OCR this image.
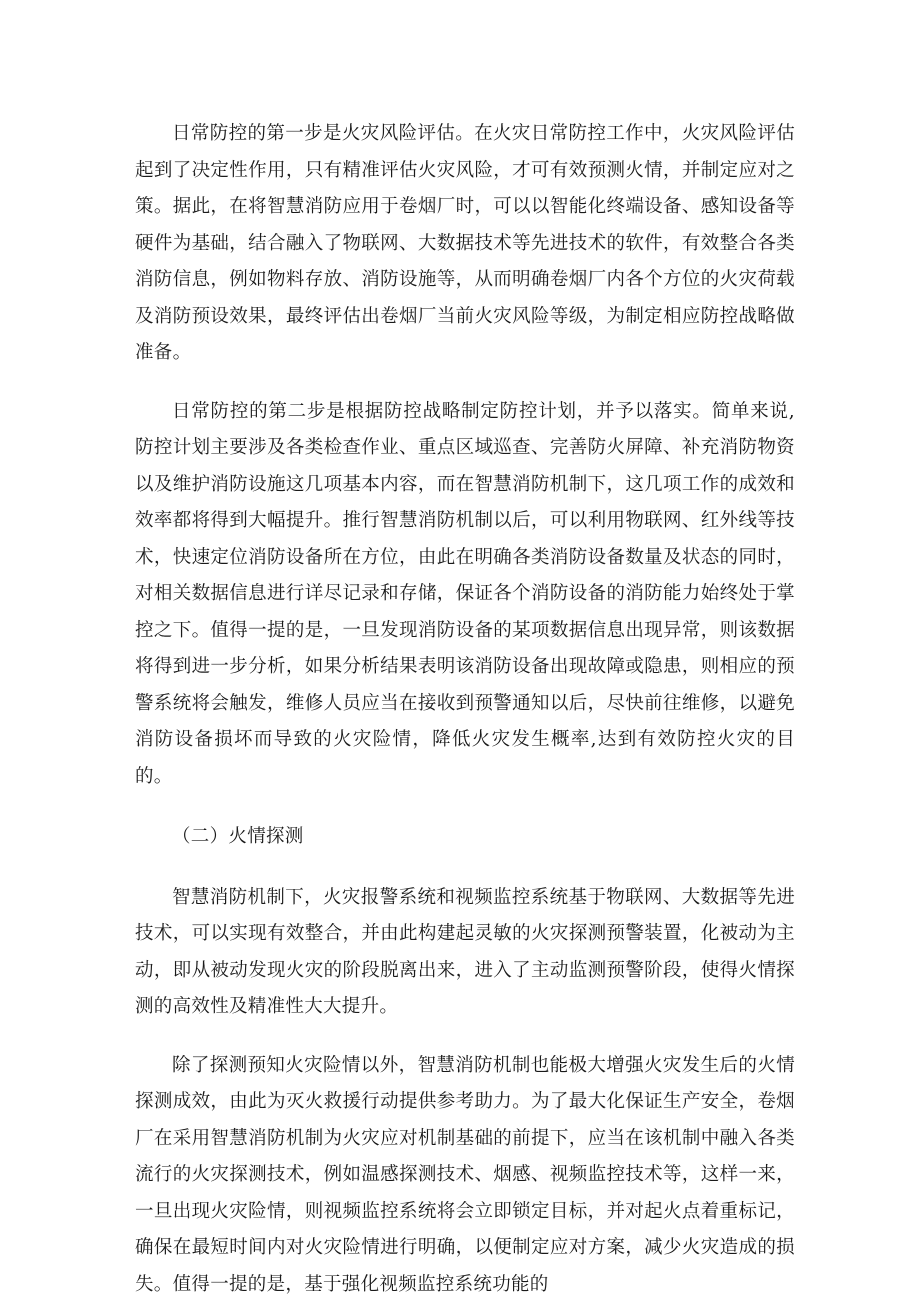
日常防控的第一步是火灾风险评估。在火灾日常防控工作中，火灾风险评估起到了决定性作用，只有精准评估火灾风险，才可有效预测火情，并制定应对之策。据此，在将智慧消防应用于卷烟厂时，可以以智能化终端设备、感知设备等硬件为基础，结合融入了物联网、大数据技术等先进技术的软件，有效整合各类消防信息，例如物料存放、消防设施等，从而明确卷烟厂内各个方位的火灾荷载及消防预设效果，最终评估出卷烟厂当前火灾风险等级，为制定相应防控战略做准备。

日常防控的第二步是根据防控战略制定防控计划，并予以落实。简单来说,防控计划主要涉及各类检查作业、重点区域巡查、完善防火屏障、补充消防物资以及维护消防设施这几项基本内容，而在智慧消防机制下，这几项工作的成效和效率都将得到大幅提升。推行智慧消防机制以后，可以利用物联网、红外线等技术，快速定位消防设备所在方位，由此在明确各类消防设备数量及状态的同时，对相关数据信息进行详尽记录和存储，保证各个消防设备的消防能力始终处于掌控之下。值得一提的是，一旦发现消防设备的某项数据信息出现异常，则该数据将得到进一步分析，如果分析结果表明该消防设备出现故障或隐患，则相应的预警系统将会触发，维修人员应当在接收到预警通知以后，尽快前往维修，以避免消防设备损坏而导致的火灾险情，降低火灾发生概率,达到有效防控火灾的目的。

（二）火情探测

智慧消防机制下，火灾报警系统和视频监控系统基于物联网、大数据等先进技术，可以实现有效整合，并由此构建起灵敏的火灾探测预警装置，化被动为主动，即从被动发现火灾的阶段脱离出来，进入了主动监测预警阶段，使得火情探测的高效性及精准性大大提升。

除了探测预知火灾险情以外，智慧消防机制也能极大增强火灾发生后的火情探测成效，由此为灭火救援行动提供参考助力。为了最大化保证生产安全，卷烟厂在采用智慧消防机制为火灾应对机制基础的前提下，应当在该机制中融入各类流行的火灾探测技术，例如温感探测技术、烟感、视频监控技术等，这样一来，一旦出现火灾险情，则视频监控系统将会立即锁定目标，并对起火点着重标记，确保在最短时间内对火灾险情进行明确，以便制定应对方案，减少火灾造成的损失。值得一提的是，基于强化视频监控系统功能的
